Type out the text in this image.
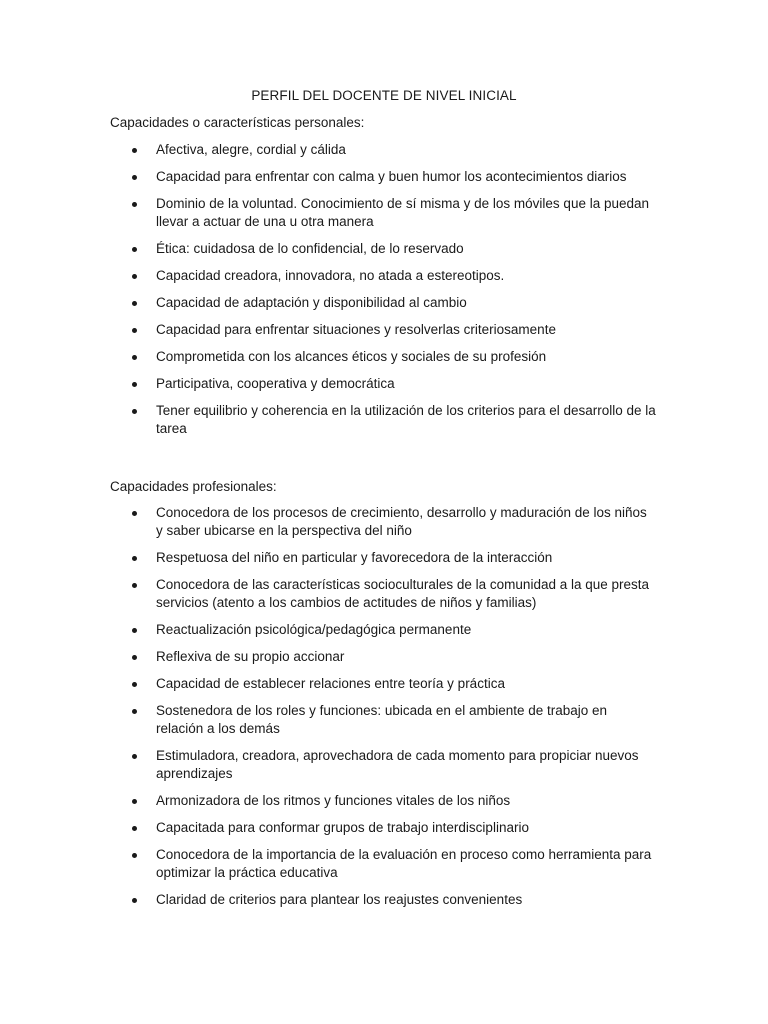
PERFIL DEL DOCENTE DE NIVEL INICIAL
Capacidades o características personales:
Afectiva, alegre, cordial y cálida
Capacidad para enfrentar con calma y buen humor los acontecimientos diarios
Dominio de la voluntad. Conocimiento de sí misma y de los móviles que la puedan llevar a actuar de una u otra manera
Ética: cuidadosa de lo confidencial, de lo reservado
Capacidad creadora, innovadora, no atada a estereotipos.
Capacidad de adaptación y disponibilidad al cambio
Capacidad para enfrentar situaciones y resolverlas criteriosamente
Comprometida con los alcances éticos y sociales de su profesión
Participativa, cooperativa y democrática
Tener equilibrio y coherencia en la utilización de los criterios para el desarrollo de la tarea
Capacidades profesionales:
Conocedora de los procesos de crecimiento, desarrollo y maduración de los niños y saber ubicarse en la perspectiva del niño
Respetuosa del niño en particular y favorecedora de la interacción
Conocedora de las características socioculturales de la comunidad a la que presta servicios (atento a los cambios de actitudes de niños y familias)
Reactualización psicológica/pedagógica permanente
Reflexiva de su propio accionar
Capacidad de establecer relaciones entre teoría y práctica
Sostenedora de los roles y funciones: ubicada en el ambiente de trabajo en relación a los demás
Estimuladora, creadora, aprovechadora de cada momento para propiciar nuevos aprendizajes
Armonizadora de los ritmos y funciones vitales de los niños
Capacitada para conformar grupos de trabajo interdisciplinario
Conocedora de la importancia de la evaluación en proceso como herramienta para optimizar la práctica educativa
Claridad de criterios para plantear los reajustes convenientes
